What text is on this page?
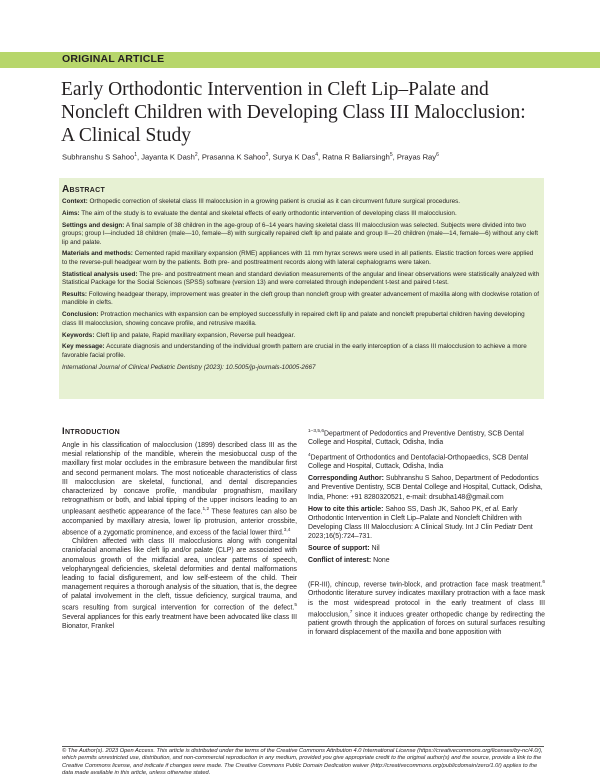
ORIGINAL ARTICLE
Early Orthodontic Intervention in Cleft Lip–Palate and Noncleft Children with Developing Class III Malocclusion: A Clinical Study
Subhranshu S Sahoo$^1$, Jayanta K Dash$^2$, Prasanna K Sahoo$^3$, Surya K Das$^4$, Ratna R Baliarsingh$^5$, Prayas Ray$^6$
Abstract

Context: Orthopedic correction of skeletal class III malocclusion in a growing patient is crucial as it can circumvent future surgical procedures.

Aims: The aim of the study is to evaluate the dental and skeletal effects of early orthodontic intervention of developing class III malocclusion.

Settings and design: A final sample of 38 children in the age-group of 6–14 years having skeletal class III malocclusion was selected. Subjects were divided into two groups; group I—included 18 children (male—10, female—8) with surgically repaired cleft lip and palate and group II—20 children (male—14, female—6) without any cleft lip and palate.

Materials and methods: Cemented rapid maxillary expansion (RME) appliances with 11 mm hyrax screws were used in all patients. Elastic traction forces were applied to the reverse-pull headgear worn by the patients. Both pre- and posttreatment records along with lateral cephalograms were taken.

Statistical analysis used: The pre- and posttreatment mean and standard deviation measurements of the angular and linear observations were statistically analyzed with Statistical Package for the Social Sciences (SPSS) software (version 13) and were correlated through independent t-test and paired t-test.

Results: Following headgear therapy, improvement was greater in the cleft group than noncleft group with greater advancement of maxilla along with clockwise rotation of mandible in clefts.

Conclusion: Protraction mechanics with expansion can be employed successfully in repaired cleft lip and palate and noncleft prepubertal children having developing class III malocclusion, showing concave profile, and retrusive maxilla.

Keywords: Cleft lip and palate, Rapid maxillary expansion, Reverse pull headgear.

Key message: Accurate diagnosis and understanding of the individual growth pattern are crucial in the early interception of a class III malocclusion to achieve a more favorable facial profile.

International Journal of Clinical Pediatric Dentistry (2023): 10.5005/jp-journals-10005-2667

Introduction

Angle in his classification of malocclusion (1899) described class III as the mesial relationship of the mandible, wherein the mesiobuccal cusp of the maxillary first molar occludes in the embrasure between the mandibular first and second permanent molars. The most noticeable characteristics of class III malocclusion are skeletal, functional, and dental discrepancies characterized by concave profile, mandibular prognathism, maxillary retrognathism or both, and labial tipping of the upper incisors leading to an unpleasant aesthetic appearance of the face.$^{1,2}$ These features can also be accompanied by maxillary atresia, lower lip protrusion, anterior crossbite, absence of a zygomatic prominence, and excess of the facial lower third.$^{3,4}$

Children affected with class III malocclusions along with congenital craniofacial anomalies like cleft lip and/or palate (CLP) are associated with anomalous growth of the midfacial area, unclear patterns of speech, velopharyngeal deficiencies, skeletal deformities and dental malformations leading to facial disfigurement, and low self-esteem of the child. Their management requires a thorough analysis of the situation, that is, the degree of palatal involvement in the cleft, tissue deficiency, surgical trauma, and scars resulting from surgical intervention for correction of the defect.$^5$ Several appliances for this early treatment have been advocated like class III Bionator, Frankel

$^{1-3,5,6}$Department of Pedodontics and Preventive Dentistry, SCB Dental College and Hospital, Cuttack, Odisha, India

$^4$Department of Orthodontics and Dentofacial-Orthopaedics, SCB Dental College and Hospital, Cuttack, Odisha, India

Corresponding Author: Subhranshu S Sahoo, Department of Pedodontics and Preventive Dentistry, SCB Dental College and Hospital, Cuttack, Odisha, India, Phone: +91 8280320521, e-mail: drsubha148@gmail.com

How to cite this article: Sahoo SS, Dash JK, Sahoo PK, et al. Early Orthodontic Intervention in Cleft Lip–Palate and Noncleft Children with Developing Class III Malocclusion: A Clinical Study. Int J Clin Pediatr Dent 2023;16(5):724–731.

Source of support: Nil

Conflict of interest: None

(FR-III), chincup, reverse twin-block, and protraction face mask treatment.$^6$ Orthodontic literature survey indicates maxillary protraction with a face mask is the most widespread protocol in the early treatment of class III malocclusion,$^7$ since it induces greater orthopedic change by redirecting the patient growth through the application of forces on sutural surfaces resulting in forward displacement of the maxilla and bone apposition with

© The Author(s). 2023 Open Access. This article is distributed under the terms of the Creative Commons Attribution 4.0 International License (https://creativecommons.org/licenses/by-nc/4.0/), which permits unrestricted use, distribution, and non-commercial reproduction in any medium, provided you give appropriate credit to the original author(s) and the source, provide a link to the Creative Commons license, and indicate if changes were made. The Creative Commons Public Domain Dedication waiver (http://creativecommons.org/publicdomain/zero/1.0/) applies to the data made available in this article, unless otherwise stated.
